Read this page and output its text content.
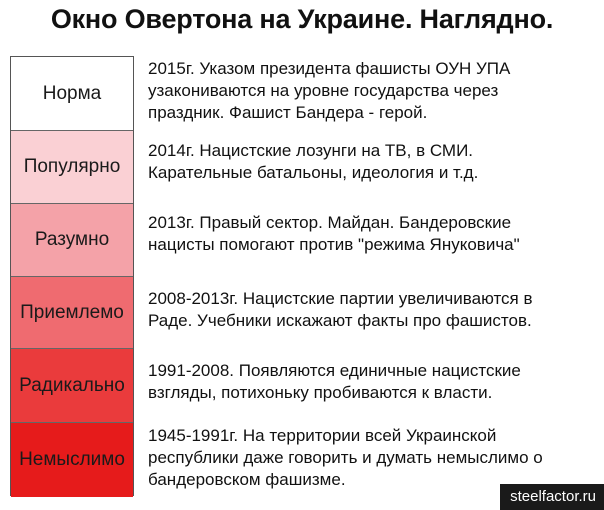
Окно Овертона на Украине. Наглядно.
Норма
Популярно
Разумно
Приемлемо
Радикально
Немыслимо
2015г. Указом президента фашисты ОУН УПА
узакониваются на уровне государства через
праздник. Фашист Бандера - герой.
2014г. Нацистские лозунги на ТВ, в СМИ.
Карательные батальоны, идеология и т.д.
2013г. Правый сектор. Майдан. Бандеровские
нацисты помогают против "режима Януковича"
2008-2013г. Нацистские партии увеличиваются в
Раде. Учебники искажают факты про фашистов.
1991-2008. Появляются единичные нацистские
взгляды, потихоньку пробиваются к власти.
1945-1991г. На территории всей Украинской
республики даже говорить и думать немыслимо о
бандеровском фашизме.
steelfactor.ru
